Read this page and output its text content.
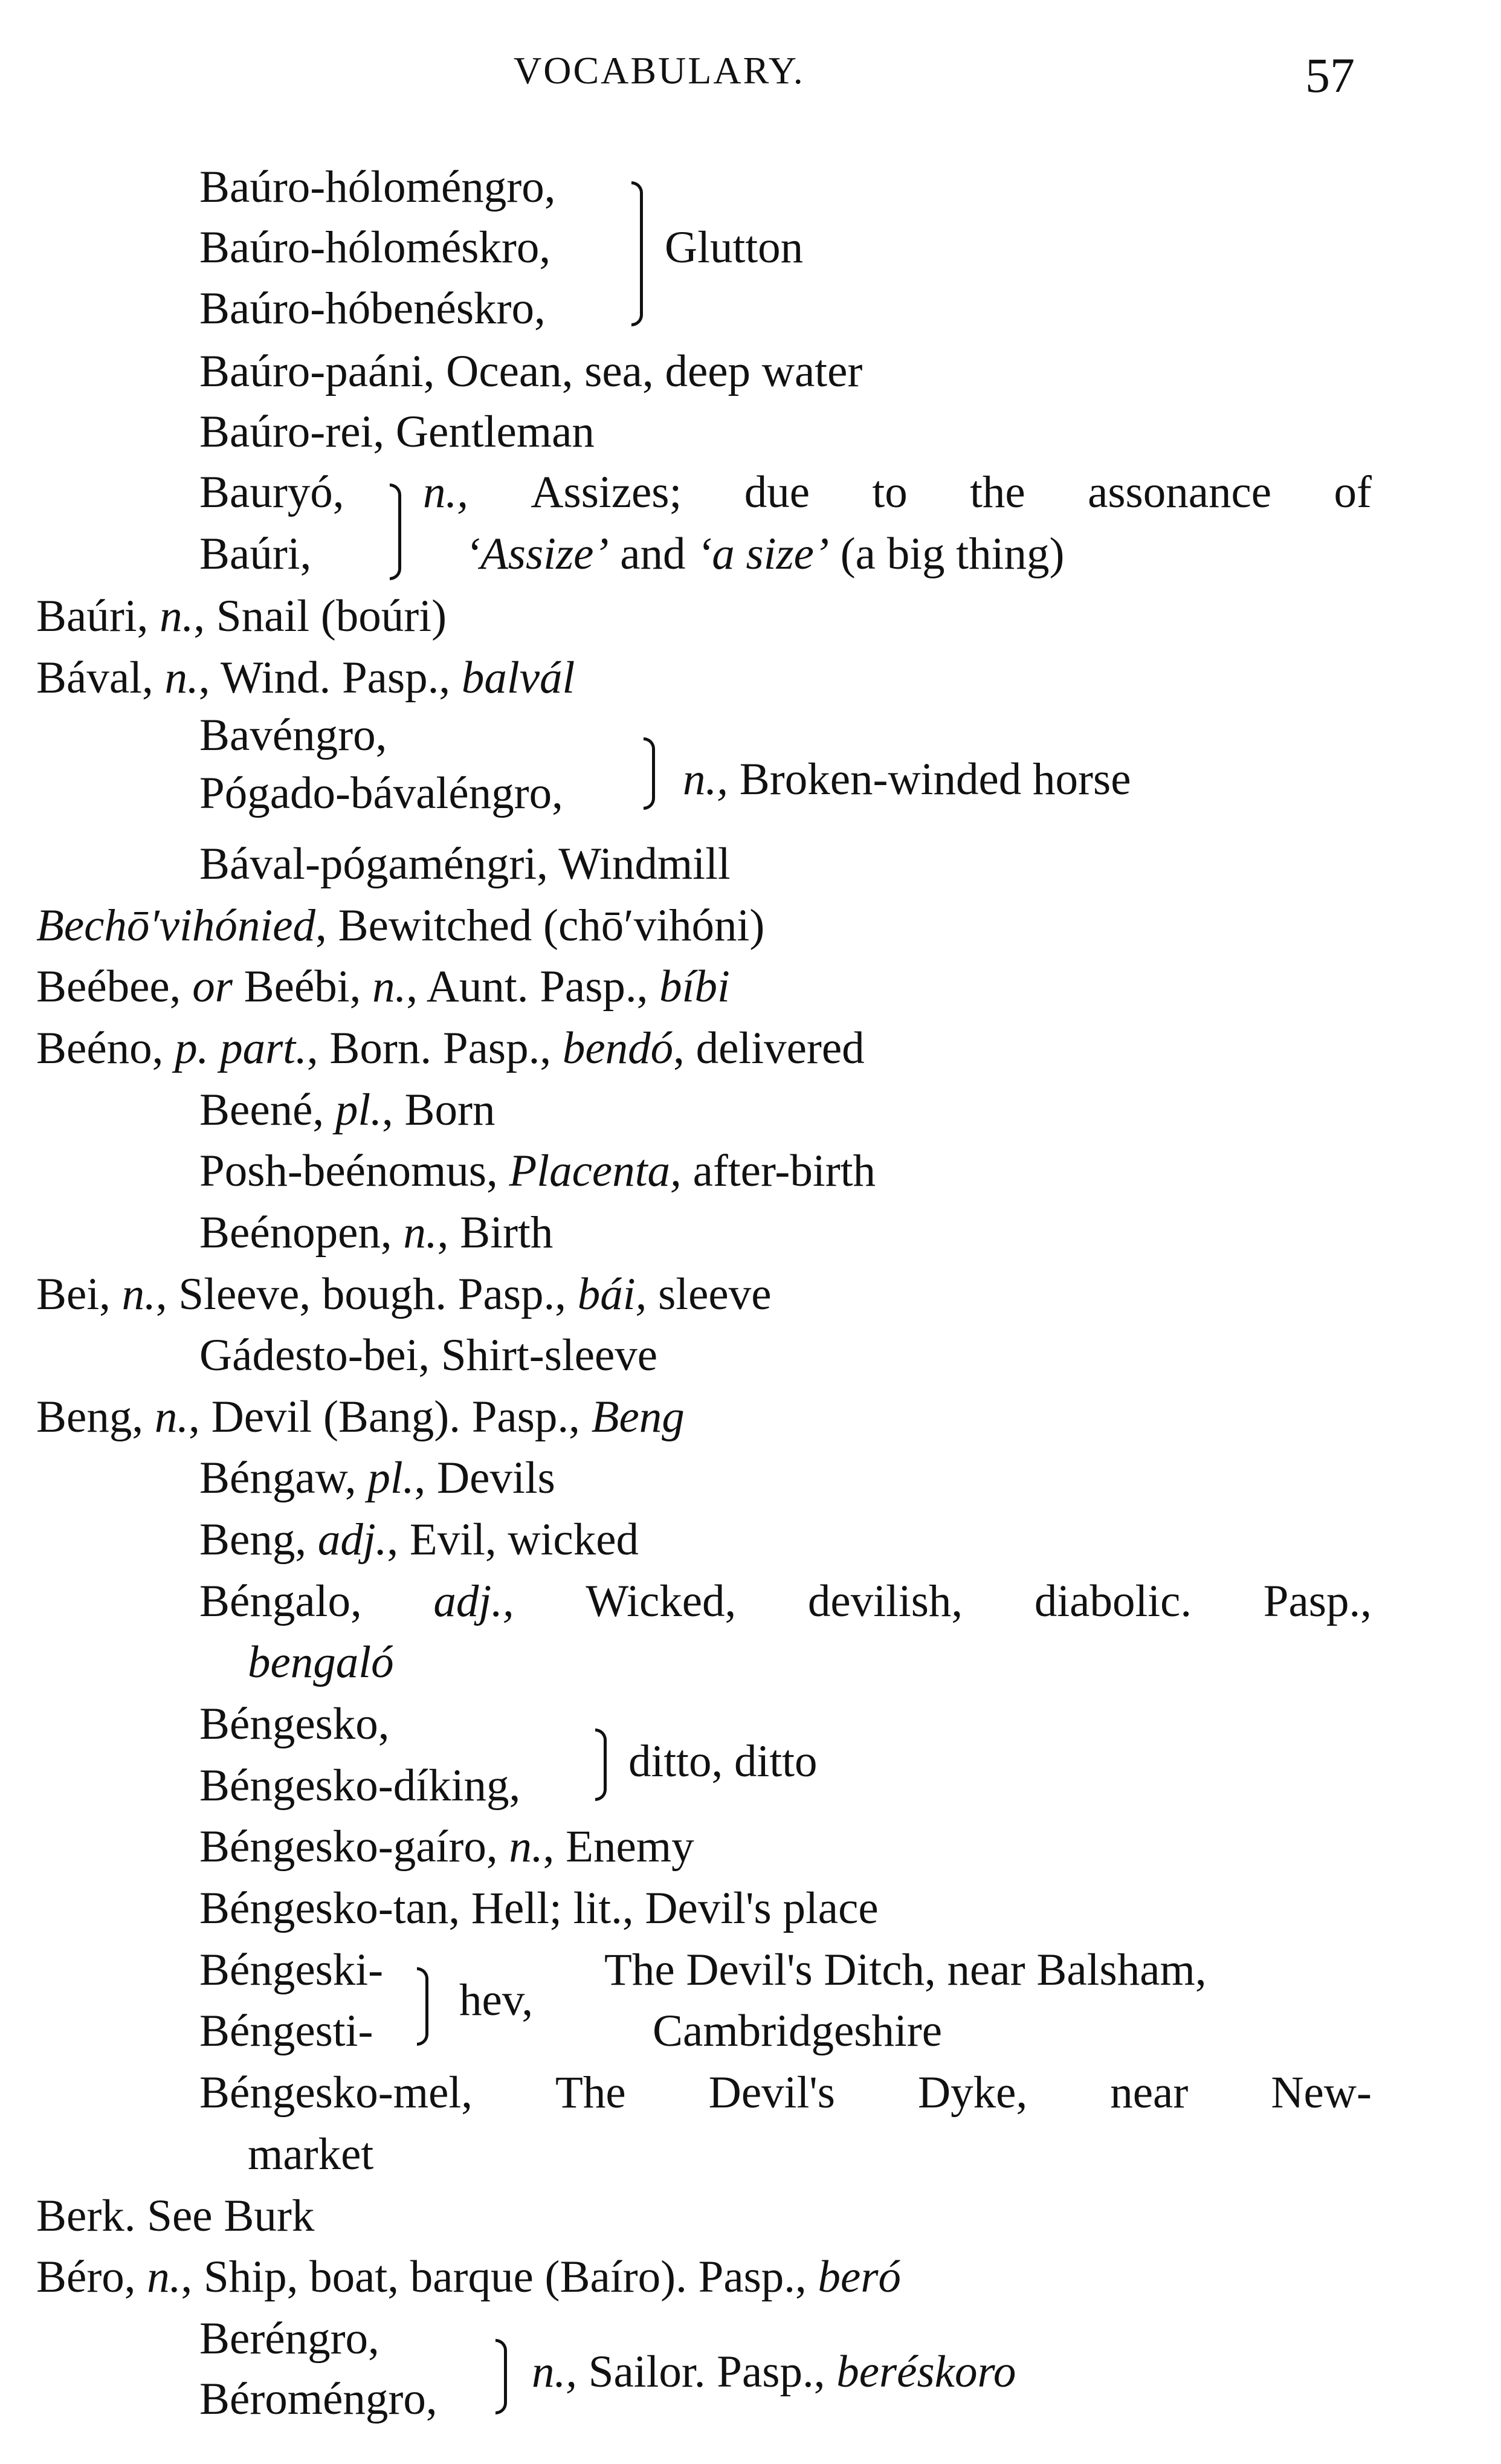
VOCABULARY.	57
Baúro-hóloméngro,
Baúro-hóloméskro,
Baúro-hóbenéskro,
Glutton
Baúro-paáni, Ocean, sea, deep water
Baúro-rei, Gentleman
Bauryó,
Baúri,
n., Assizes; due to the assonance of
‘Assize’ and ‘a size’ (a big thing)
Baúri, n., Snail (boúri)
Bával, n., Wind. Pasp., balvál
Bavéngro,
Pógado-bávaléngro,	n., Broken-winded horse
Bával-pógaméngri, Windmill
Bechō′vihónied, Bewitched (chō′vihóni)
Beébee, or Beébi, n., Aunt. Pasp., bíbi
Beéno, p. part., Born. Pasp., bendó, delivered
Beené, pl., Born
Posh-beénomus, Placenta, after-birth
Beénopen, n., Birth
Bei, n., Sleeve, bough. Pasp., bái, sleeve
Gádesto-bei, Shirt-sleeve
Beng, n., Devil (Bang). Pasp., Beng
Béngaw, pl., Devils
Beng, adj., Evil, wicked
Béngalo, adj., Wicked, devilish, diabolic. Pasp.,
bengaló
Béngesko,
Béngesko-díking, ditto, ditto
Béngesko-gaíro, n., Enemy
Béngesko-tan, Hell; lit., Devil's place
Béngeski-
Béngesti-
hev,
The Devil's Ditch, near Balsham,
Cambridgeshire
Béngesko-mel, The Devil's Dyke, near New-
market
Berk. See Burk
Béro, n., Ship, boat, barque (Baíro). Pasp., beró
Beréngro,
Béroméngro,
n., Sailor. Pasp., beréskoro
